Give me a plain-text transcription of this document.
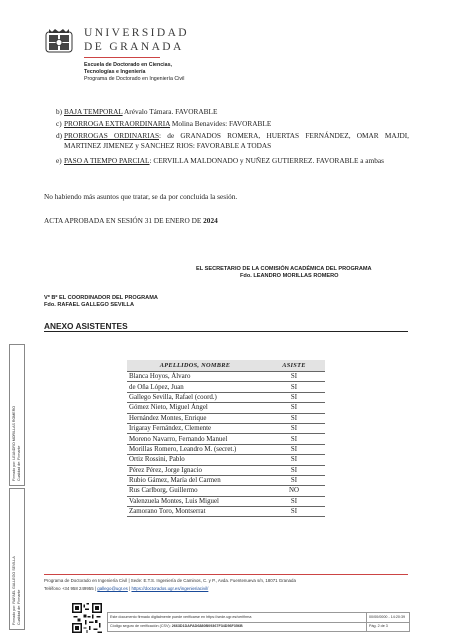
UNIVERSIDAD
DE GRANADA
Escuela de Doctorado en Ciencias,
Tecnologías e Ingeniería
Programa de Doctorado en Ingeniería Civil
b) BAJA TEMPORAL Arévalo Támara. FAVORABLE
c) PRORROGA EXTRAORDINARIA Molina Benavides: FAVORABLE
d) PRORROGAS ORDINARIAS: de GRANADOS ROMERA, HUERTAS FERNÁNDEZ, OMAR MAJDI, MARTINEZ JIMENEZ y SANCHEZ RIOS: FAVORABLE A TODAS
e) PASO A TIEMPO PARCIAL: CERVILLA MALDONADO y NUÑEZ GUTIERREZ. FAVORABLE a ambas
No habiendo más asuntos que tratar, se da por concluida la sesión.
ACTA APROBADA EN SESIÓN 31 DE ENERO DE 2024
EL SECRETARIO DE LA COMISIÓN ACADÉMICA DEL PROGRAMA
Fdo. LEANDRO MORILLAS ROMERO
Vº Bº EL COORDINADOR DEL PROGRAMA
Fdo. RAFAEL GALLEGO SEVILLA
ANEXO ASISTENTES
APELLIDOS, NOMBRE	ASISTE
Blanca Hoyos, Álvaro	SI
de Oña López, Juan	SI
Gallego Sevilla, Rafael (coord.)	SI
Gómez Nieto, Miguel Ángel	SI
Hernández Montes, Enrique	SI
Irigaray Fernández, Clemente	SI
Moreno Navarro, Fernando Manuel	SI
Morillas Romero, Leandro M. (secret.)	SI
Ortiz Rossini, Pablo	SI
Pérez Pérez, Jorge Ignacio	SI
Rubio Gámez, María del Carmen	SI
Rus Carlborg, Guillermo	NO
Valenzuela Montes, Luis Miguel	SI
Zamorano Toro, Montserrat	SI
Firmado por: LEANDRO MORILLAS ROMERO Cualidad de: Firmante
Firmado por: RAFAEL GALLEGO SEVILLA Cualidad de: Firmante
Programa de Doctorado en Ingeniería Civil | Sede: E.T.S. Ingeniería de Caminos, C. y P., Avda. Fuentenueva s/n, 18071 Granada
Teléfono +34 958 249955 | gallego@ugr.es | https://doctorados.ugr.es/ingenieriacivil/
Este documento firmado digitalmente puede verificarse en https://sede.ugr.es/verifirma
Código seguro de verificación (CSV): 2663D1DAFAD6880B09367F34D56F356B
00/00/0000 - 14:20:39
Pág. 2 de 3
